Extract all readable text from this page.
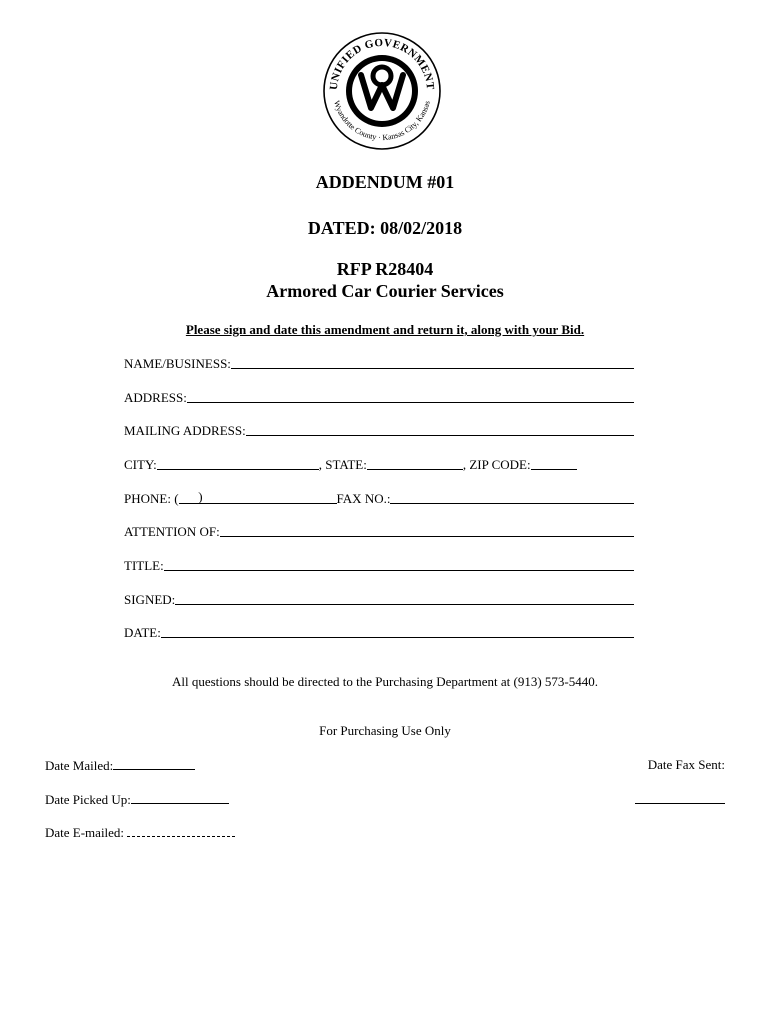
UNIFIED GOVERNMENT
Wyandotte County · Kansas City, Kansas
ADDENDUM #01
DATED: 08/02/2018
RFP R28404
Armored Car Courier Services
Please sign and date this amendment and return it, along with your Bid.
NAME/BUSINESS:
ADDRESS:
MAILING ADDRESS:
CITY:	, STATE:	, ZIP CODE:
PHONE: (	)	FAX NO.:
ATTENTION OF:
TITLE:
SIGNED:
DATE:
All questions should be directed to the Purchasing Department at (913) 573-5440.
For Purchasing Use Only
Date Mailed:	Date Fax Sent:
Date Picked Up:
Date E-mailed:
